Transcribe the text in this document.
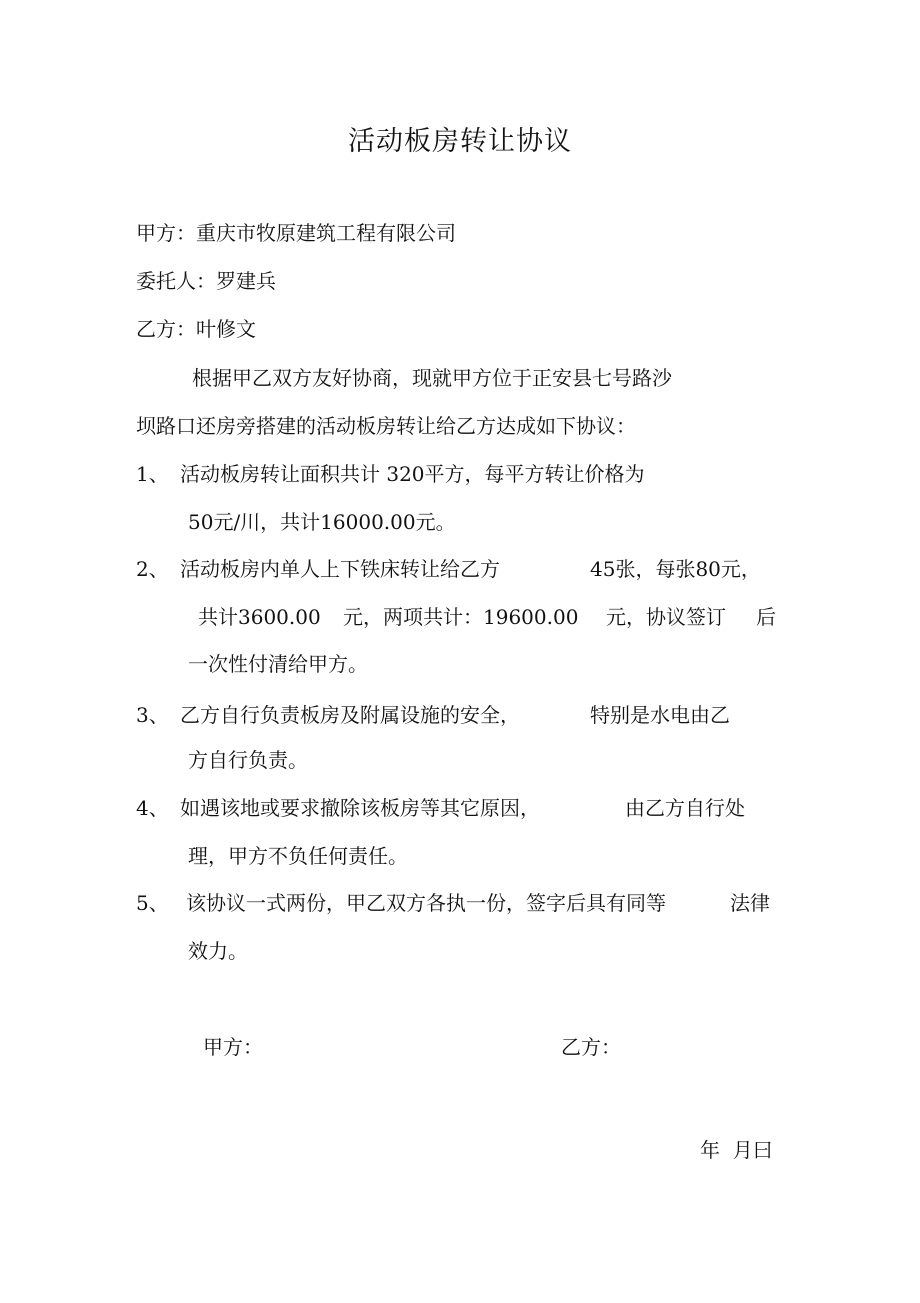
活动板房转让协议
甲方：重庆市牧原建筑工程有限公司
委托人：罗建兵
乙方：叶修文
根据甲乙双方友好协商，现就甲方位于正安县七号路沙
坝路口还房旁搭建的活动板房转让给乙方达成如下协议：
1、 活动板房转让面积共计 320平方，每平方转让价格为
50元/川，共计16000.00元。
2、 活动板房内单人上下铁床转让给乙方	45张，每张80元，
共计3600.00 元，两项共计：19600.00 元，协议签订 后
一次性付清给甲方。
3、 乙方自行负责板房及附属设施的安全，	特别是水电由乙
方自行负责。
4、 如遇该地或要求撤除该板房等其它原因，	由乙方自行处
理，甲方不负任何责任。
5、 该协议一式两份，甲乙双方各执一份，签字后具有同等	法律
效力。
甲方：	乙方：
年  月曰
